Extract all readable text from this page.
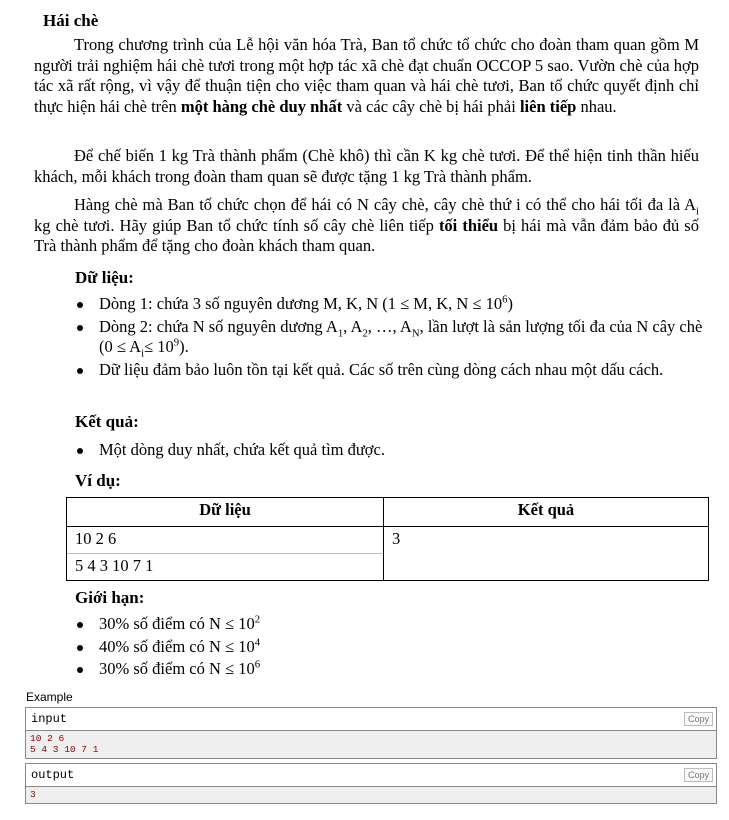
Hái chè
Trong chương trình của Lễ hội văn hóa Trà, Ban tổ chức tổ chức cho đoàn tham quan gồm M người trải nghiệm hái chè tươi trong một hợp tác xã chè đạt chuẩn OCCOP 5 sao. Vườn chè của hợp tác xã rất rộng, vì vậy để thuận tiện cho việc tham quan và hái chè tươi, Ban tổ chức quyết định chỉ thực hiện hái chè trên một hàng chè duy nhất và các cây chè bị hái phải liên tiếp nhau.
Để chế biến 1 kg Trà thành phẩm (Chè khô) thì cần K kg chè tươi. Để thể hiện tinh thần hiếu khách, mỗi khách trong đoàn tham quan sẽ được tặng 1 kg Trà thành phẩm.
Hàng chè mà Ban tổ chức chọn để hái có N cây chè, cây chè thứ i có thể cho hái tối đa là $A_i$ kg chè tươi. Hãy giúp Ban tổ chức tính số cây chè liên tiếp tối thiểu bị hái mà vẫn đảm bảo đủ số Trà thành phẩm để tặng cho đoàn khách tham quan.
Dữ liệu:
Dòng 1: chứa 3 số nguyên dương M, K, N (1 ≤ M, K, $N \le 10^6$)
Dòng 2: chứa N số nguyên dương $A_1$, $A_2$, …, $A_N$, lần lượt là sản lượng tối đa của N cây chè $(0 \le A_i\le 10^9)$.
Dữ liệu đảm bảo luôn tồn tại kết quả. Các số trên cùng dòng cách nhau một dấu cách.
Kết quả:
Một dòng duy nhất, chứa kết quả tìm được.
Ví dụ:
Dữ liệu	Kết quả
10 2 6	3
5 4 3 10 7 1	
Giới hạn:
30% số điểm có $N \le 10^2$
40% số điểm có $N \le 10^4$
30% số điểm có $N \le 10^6$
Example
input	Copy
10 2 6
5 4 3 10 7 1
output	Copy
3
